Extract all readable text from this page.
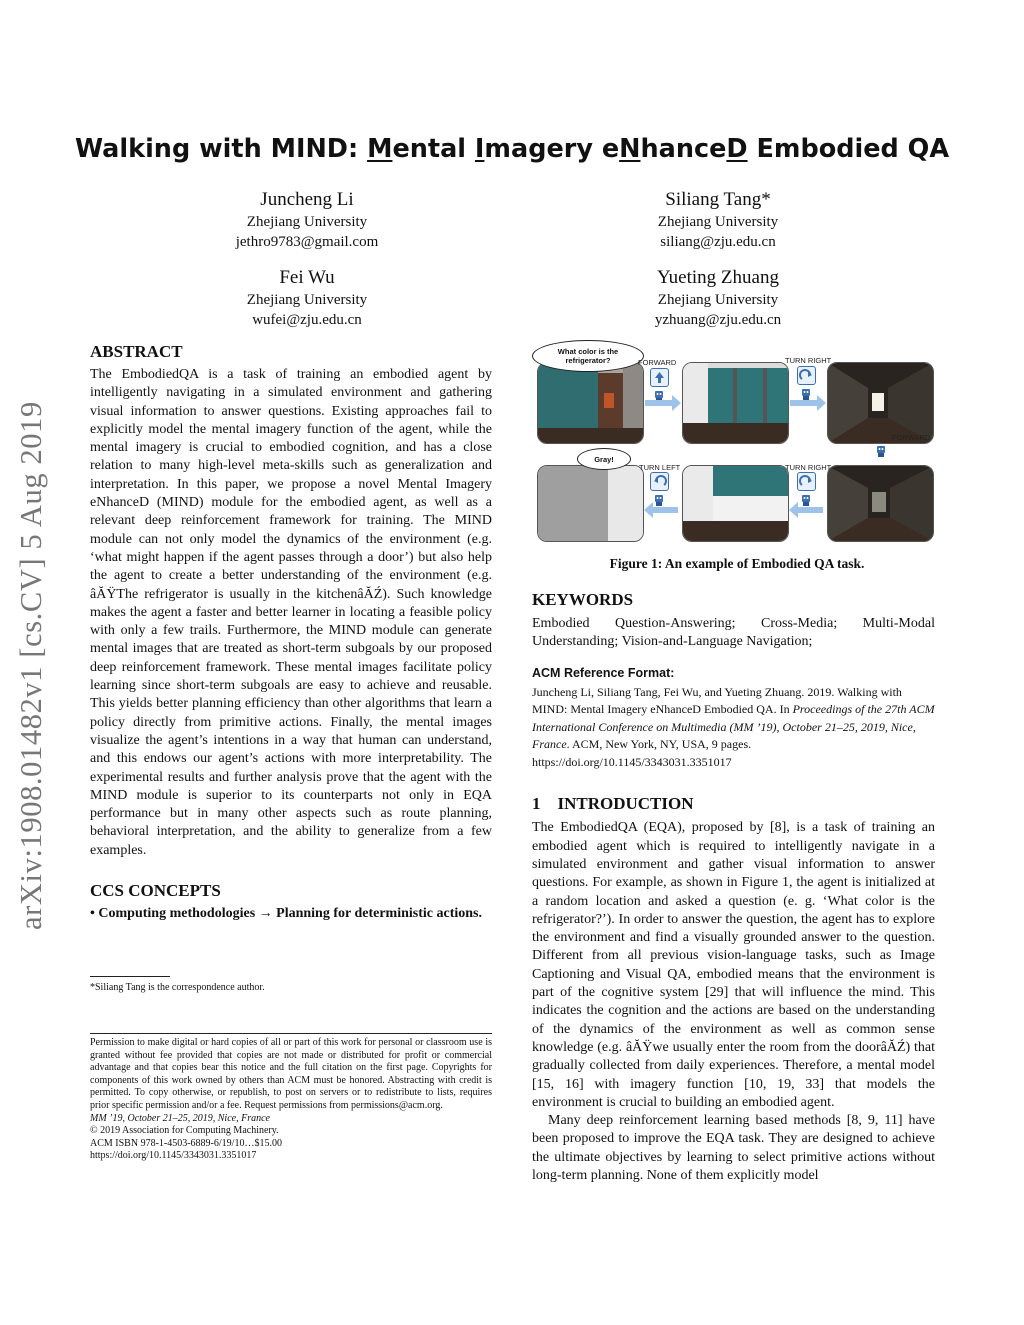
arXiv:1908.01482v1 [cs.CV] 5 Aug 2019
Walking with MIND: Mental Imagery eNhanceD Embodied QA
Juncheng Li
Zhejiang University
jethro9783@gmail.com
Siliang Tang*
Zhejiang University
siliang@zju.edu.cn
Fei Wu
Zhejiang University
wufei@zju.edu.cn
Yueting Zhuang
Zhejiang University
yzhuang@zju.edu.cn
ABSTRACT
The EmbodiedQA is a task of training an embodied agent by intelligently navigating in a simulated environment and gathering visual information to answer questions. Existing approaches fail to explicitly model the mental imagery function of the agent, while the mental imagery is crucial to embodied cognition, and has a close relation to many high-level meta-skills such as generalization and interpretation. In this paper, we propose a novel Mental Imagery eNhanceD (MIND) module for the embodied agent, as well as a relevant deep reinforcement framework for training. The MIND module can not only model the dynamics of the environment (e.g. ‘what might happen if the agent passes through a door’) but also help the agent to create a better understanding of the environment (e.g. âĂŸThe refrigerator is usually in the kitchenâĂŹ). Such knowledge makes the agent a faster and better learner in locating a feasible policy with only a few trails. Furthermore, the MIND module can generate mental images that are treated as short-term subgoals by our proposed deep reinforcement framework. These mental images facilitate policy learning since short-term subgoals are easy to achieve and reusable. This yields better planning efficiency than other algorithms that learn a policy directly from primitive actions. Finally, the mental images visualize the agent’s intentions in a way that human can understand, and this endows our agent’s actions with more interpretability. The experimental results and further analysis prove that the agent with the MIND module is superior to its counterparts not only in EQA performance but in many other aspects such as route planning, behavioral interpretation, and the ability to generalize from a few examples.
CCS CONCEPTS
• Computing methodologies → Planning for deterministic actions.
*Siliang Tang is the correspondence author.
Permission to make digital or hard copies of all or part of this work for personal or classroom use is granted without fee provided that copies are not made or distributed for profit or commercial advantage and that copies bear this notice and the full citation on the first page. Copyrights for components of this work owned by others than ACM must be honored. Abstracting with credit is permitted. To copy otherwise, or republish, to post on servers or to redistribute to lists, requires prior specific permission and/or a fee. Request permissions from permissions@acm.org.
MM ’19, October 21–25, 2019, Nice, France
© 2019 Association for Computing Machinery.
ACM ISBN 978-1-4503-6889-6/19/10…$15.00
https://doi.org/10.1145/3343031.3351017
What color is the refrigerator?
Gray!
FORWARD	TURN RIGHT
FORWARD
TURN LEFT	TURN RIGHT
Figure 1: An example of Embodied QA task.
KEYWORDS
Embodied Question-Answering; Cross-Media; Multi-Modal Understanding; Vision-and-Language Navigation;
ACM Reference Format:
Juncheng Li, Siliang Tang, Fei Wu, and Yueting Zhuang. 2019. Walking with MIND: Mental Imagery eNhanceD Embodied QA. In Proceedings of the 27th ACM International Conference on Multimedia (MM ’19), October 21–25, 2019, Nice, France. ACM, New York, NY, USA, 9 pages. https://doi.org/10.1145/3343031.3351017
1    INTRODUCTION
The EmbodiedQA (EQA), proposed by [8], is a task of training an embodied agent which is required to intelligently navigate in a simulated environment and gather visual information to answer questions. For example, as shown in Figure 1, the agent is initialized at a random location and asked a question (e. g. ‘What color is the refrigerator?’). In order to answer the question, the agent has to explore the environment and find a visually grounded answer to the question. Different from all previous vision-language tasks, such as Image Captioning and Visual QA, embodied means that the environment is part of the cognitive system [29] that will influence the mind. This indicates the cognition and the actions are based on the understanding of the dynamics of the environment as well as common sense knowledge (e.g. âĂŸwe usually enter the room from the doorâĂŹ) that gradually collected from daily experiences. Therefore, a mental model [15, 16] with imagery function [10, 19, 33] that models the environment is crucial to building an embodied agent.
Many deep reinforcement learning based methods [8, 9, 11] have been proposed to improve the EQA task. They are designed to achieve the ultimate objectives by learning to select primitive actions without long-term planning. None of them explicitly model
